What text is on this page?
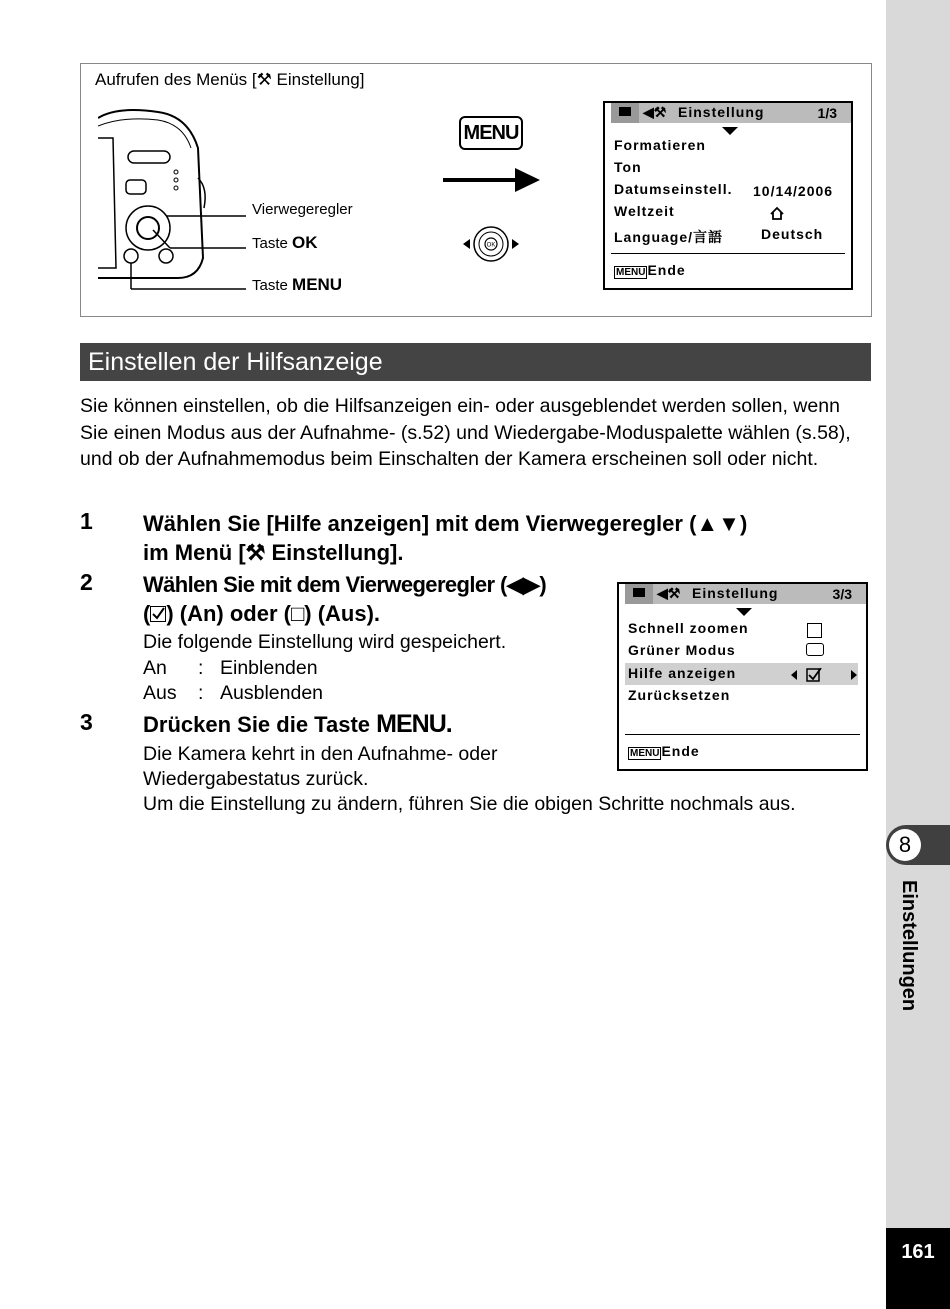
8
Einstellungen
161
Aufrufen des Menüs [⚒ Einstellung]
Vierwegeregler
Taste OK
Taste MENU
MENU
OK
◀⚒ Einstellung	1/3
Formatieren
Ton
Datumseinstell. 10/14/2006
Weltzeit
Language/言語	Deutsch
MENU Ende
Einstellen der Hilfsanzeige
Sie können einstellen, ob die Hilfsanzeigen ein- oder ausgeblendet werden sollen, wenn Sie einen Modus aus der Aufnahme- (s.52) und Wiedergabe-Moduspalette wählen (s.58), und ob der Aufnahmemodus beim Einschalten der Kamera erscheinen soll oder nicht.
1 Wählen Sie [Hilfe anzeigen] mit dem Vierwegeregler (▲▼)
im Menü [⚒ Einstellung].
2 Wählen Sie mit dem Vierwegeregler (◀▶)
( ) (An) oder (□) (Aus).
Die folgende Einstellung wird gespeichert.
An : Einblenden
Aus : Ausblenden
3 Drücken Sie die Taste MENU.
Die Kamera kehrt in den Aufnahme- oder
Wiedergabestatus zurück.
Um die Einstellung zu ändern, führen Sie die obigen Schritte nochmals aus.
◀⚒ Einstellung	3/3
Schnell zoomen
Grüner Modus
Hilfe anzeigen
Zurücksetzen
MENU Ende
